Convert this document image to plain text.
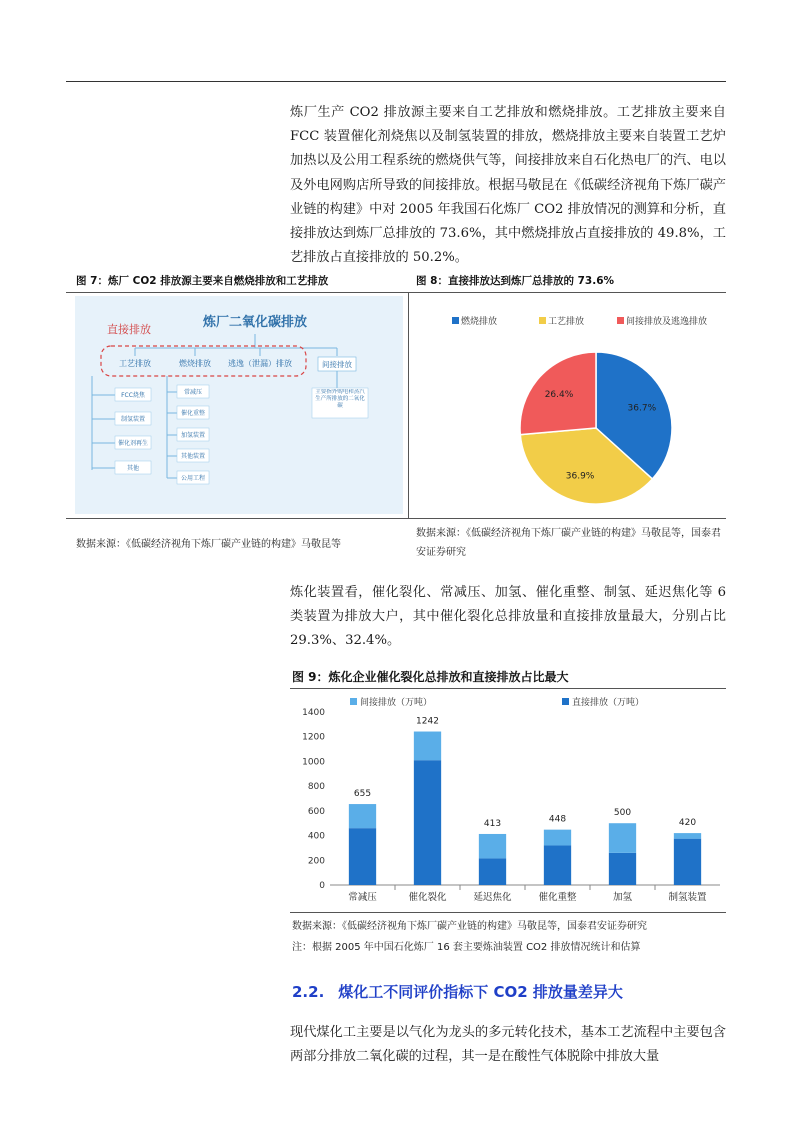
炼厂生产 CO2 排放源主要来自工艺排放和燃烧排放。工艺排放主要来自 FCC 装置催化剂烧焦以及制氢装置的排放，燃烧排放主要来自装置工艺炉加热以及公用工程系统的燃烧供气等，间接排放来自石化热电厂的汽、电以及外电网购店所导致的间接排放。根据马敬昆在《低碳经济视角下炼厂碳产业链的构建》中对 2005 年我国石化炼厂 CO2 排放情况的测算和分析，直接排放达到炼厂总排放的 73.6%，其中燃烧排放占直接排放的 49.8%，工艺排放占直接排放的 50.2%。

图 7：炼厂 CO2 排放源主要来自燃烧排放和工艺排放	图 8：直接排放达到炼厂总排放的 73.6%
炼厂二氧化碳排放
直接排放
工艺排放	燃烧排放 逃逸（泄漏）排放	间接排放
FCC烧焦
制氢装置
催化剂再生
其他
常减压
催化重整
加氢装置
其他装置
公用工程
主要指外购电和蒸汽生产所排放的二氧化碳
燃烧排放	工艺排放	间接排放及逃逸排放
36.7%
36.9%
26.4%
数据来源：《低碳经济视角下炼厂碳产业链的构建》马敬昆等
数据来源：《低碳经济视角下炼厂碳产业链的构建》马敬昆等，国泰君安证券研究

炼化装置看，催化裂化、常减压、加氢、催化重整、制氢、延迟焦化等 6 类装置为排放大户，其中催化裂化总排放量和直接排放量最大，分别占比 29.3%、32.4%。

图 9：炼化企业催化裂化总排放和直接排放占比最大
间接排放（万吨）	直接排放（万吨）
0
200
400
600
800
1000
1200
1400
655
常减压
1242
催化裂化
413
延迟焦化
448
催化重整
500
加氢
420
制氢装置
数据来源：《低碳经济视角下炼厂碳产业链的构建》马敬昆等，国泰君安证券研究
注：根据 2005 年中国石化炼厂 16 套主要炼油装置 CO2 排放情况统计和估算
2.2. 煤化工不同评价指标下 CO2 排放量差异大

现代煤化工主要是以气化为龙头的多元转化技术，基本工艺流程中主要包含两部分排放二氧化碳的过程，其一是在酸性气体脱除中排放大量
